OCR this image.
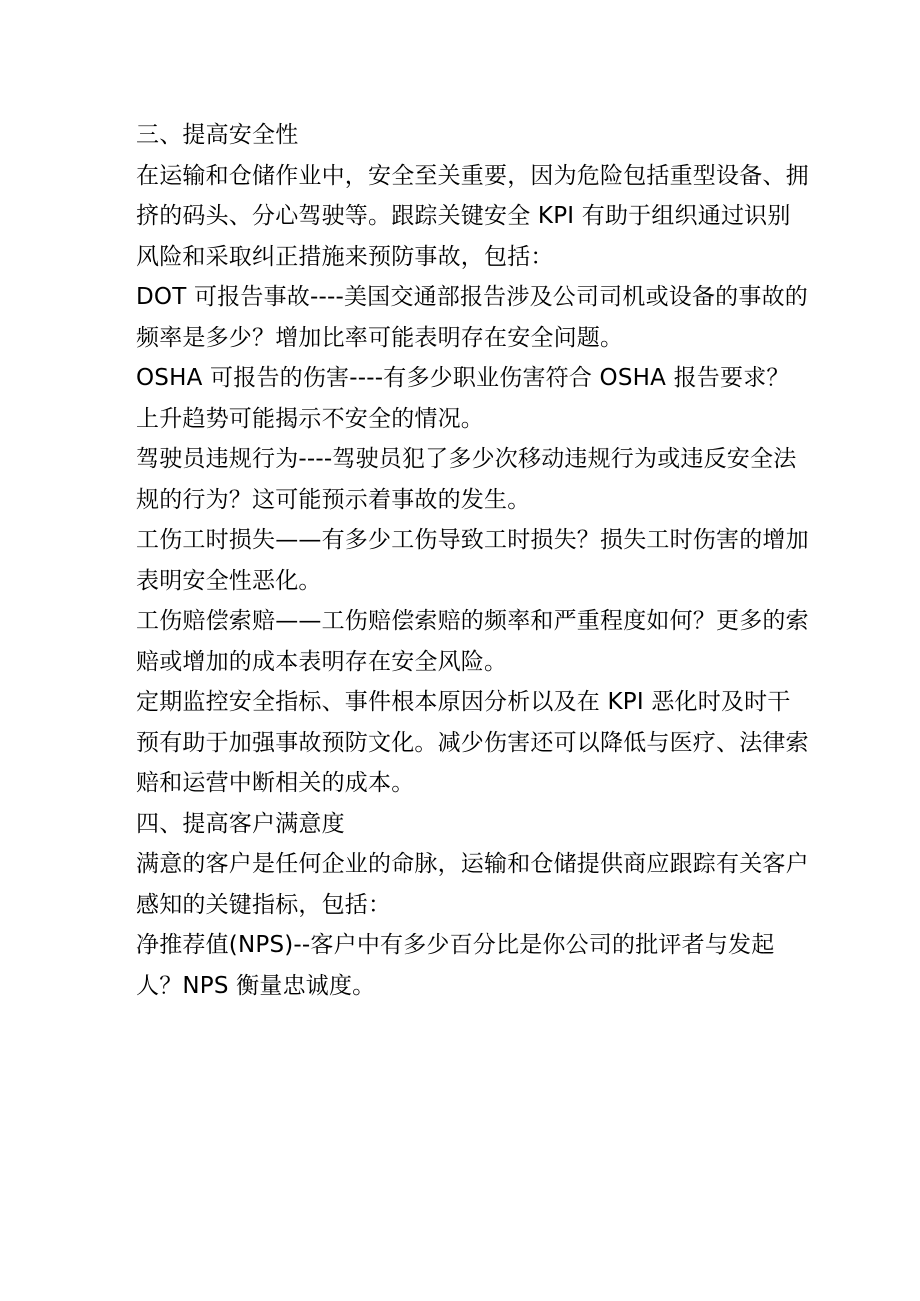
三、提高安全性

在运输和仓储作业中，安全至关重要，因为危险包括重型设备、拥挤的码头、分心驾驶等。跟踪关键安全 KPI 有助于组织通过识别风险和采取纠正措施来预防事故，包括：

DOT 可报告事故----美国交通部报告涉及公司司机或设备的事故的频率是多少？增加比率可能表明存在安全问题。

OSHA 可报告的伤害----有多少职业伤害符合 OSHA 报告要求？上升趋势可能揭示不安全的情况。

驾驶员违规行为----驾驶员犯了多少次移动违规行为或违反安全法规的行为？这可能预示着事故的发生。

工伤工时损失——有多少工伤导致工时损失？损失工时伤害的增加表明安全性恶化。

工伤赔偿索赔——工伤赔偿索赔的频率和严重程度如何？更多的索赔或增加的成本表明存在安全风险。

定期监控安全指标、事件根本原因分析以及在 KPI 恶化时及时干预有助于加强事故预防文化。减少伤害还可以降低与医疗、法律索赔和运营中断相关的成本。

四、提高客户满意度

满意的客户是任何企业的命脉，运输和仓储提供商应跟踪有关客户感知的关键指标，包括：

净推荐值(NPS)--客户中有多少百分比是你公司的批评者与发起人？NPS 衡量忠诚度。
